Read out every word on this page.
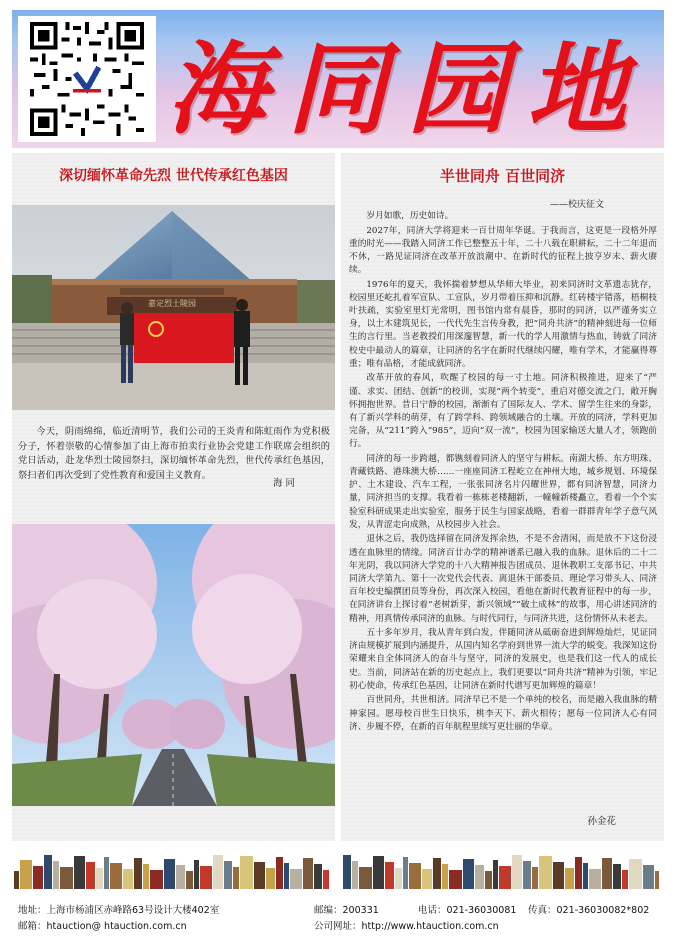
海同园地
深切缅怀革命先烈 世代传承红色基因
嘉定烈士陵园
今天，阴雨绵绵，临近清明节，我们公司的王炎青和陈虹雨作为党积极分子，怀着崇敬的心情参加了由上海市拍卖行业协会党建工作联席会组织的党日活动，赴龙华烈士陵园祭扫，深切缅怀革命先烈，世代传承红色基因，祭扫者们再次受到了党性教育和爱国主义教育。
海 同
半世同舟 百世同济
——校庆征文

岁月如歌，历史如诗。

2027年，同济大学将迎来一百廿周年华诞。于我而言，这更是一段格外厚重的时光——我踏入同济工作已整整五十年，二十八载在职耕耘，二十二年退而不休，一路见证同济在改革开放浪潮中、在新时代的征程上披亨岁末、薪火赓续。

1976年的夏天，我怀揣着梦想从华师大毕业，初来同济时文革遗志犹存，校园里还屹扎着军宣队、工宣队，岁月带着压抑和沉静。红砖楼宇错落，梧桐枝叶扶疏，实验室里灯光常明，图书馆内常有晨昏，那时的同济，以严谨务实立身，以土木建筑见长，一代代先生言传身教，把“同舟共济”的精神刻进每一位师生的言行里。当老教授们用深邃智慧，新一代的学人用激情与热血，铸就了同济校史中最动人的篇章，让同济的名字在新时代继续闪耀，唯有学术，才能赢得尊重；唯有品格，才能成就同济。

改革开放的春风，吹醒了校园的每一寸土地。同济积极推进，迎来了“严谨、求实、团结、创新”的校训，实现“两个转变”，重启对德交流之门，敞开胸怀拥抱世界。昔日宁静的校园，渐渐有了国际友人、学术、留学生往来的身影，有了新兴学科的萌芽，有了跨学科、跨领域融合的土壤。开放的同济，学科更加完备，从“211”跨入“985”，迈向“双一流”，校园为国家输送大量人才，领跑前行。

同济的每一步跨越，都镌刻着同济人的坚守与耕耘。南湖大桥、东方明珠、青藏铁路、港珠澳大桥……一座座同济工程屹立在神州大地，城乡规划、环境保护、土木建设、汽车工程，一张张同济名片闪耀世界，都有同济智慧，同济力量，同济担当的支撑。我看着一栋栋老楼翻新，一幢幢新楼矗立，看着一个个实验室科研成果走出实验室，服务于民生与国家战略，看着一群群青年学子意气风发，从青涩走向成熟，从校园步入社会。

退休之后，我仍选择留在同济发挥余热，不是不舍清闲，而是放不下这份浸透在血脉里的情缘。同济百廿办学的精神谱系已融入我的血脉。退休后的二十二年光阴，我以同济大学党的十八大精神报告团成员、退休教职工支部书记、中共同济大学第九、第十一次党代会代表、离退休干部委员、理论学习带头人、同济百年校史编撰团员等身份，再次深入校园，看他在新时代教育征程中的每一步，在同济讲台上探讨着“老树新芽，新兴领域”“破土成林”的故事，用心讲述同济的精神，用真情传承同济的血脉。与时代同行，与同济共进，这份情怀从未老去。

五十多年岁月，我从青年到白发，伴随同济从砥砺奋进到辉煌灿烂，见证同济由规模扩展到内涵提升，从国内知名学府到世界一流大学的蜕变。我深知这份荣耀来自全体同济人的奋斗与坚守，同济的发展史，也是我们这一代人的成长史。当前，同济站在新的历史起点上，我们更要以“同舟共济”精神为引领，牢记初心使命，传承红色基因，让同济在新时代谱写更加辉煌的篇章！

百世同舟，共世相济。同济早已不是一个单纯的校名，而是融入我血脉的精神家园。愿母校百世生日快乐，桃李天下、薪火相传；愿每一位同济人心有同济、步履不停，在新的百年航程里续写更壮丽的华章。

孙金花
地址：上海市杨浦区赤峰路63号设计大楼402室	邮编：200331	电话：021-36030081 传真：021-36030082*802
邮箱：htauction@ htauction.com.cn	公司网址：http://www.htauction.com.cn
